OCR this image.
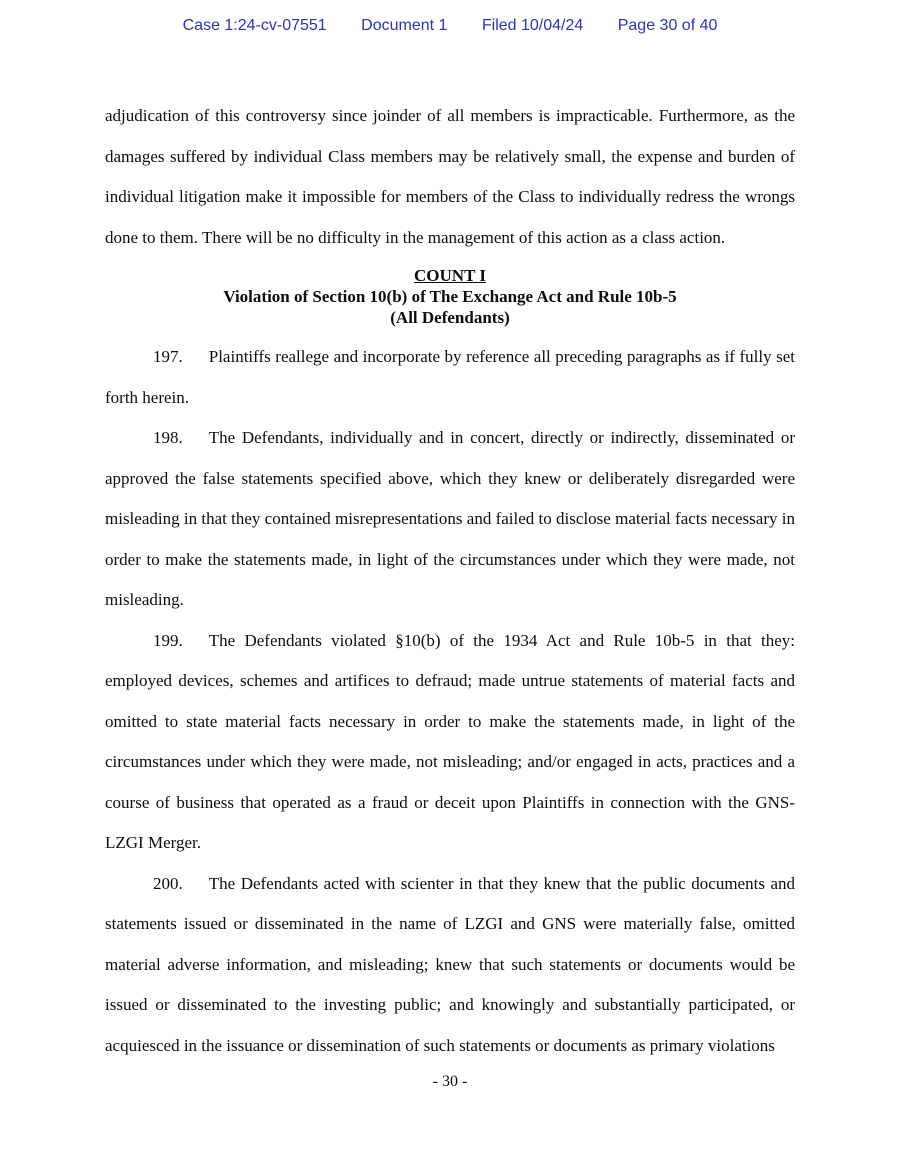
Case 1:24-cv-07551 Document 1 Filed 10/04/24 Page 30 of 40

adjudication of this controversy since joinder of all members is impracticable. Furthermore, as the damages suffered by individual Class members may be relatively small, the expense and burden of individual litigation make it impossible for members of the Class to individually redress the wrongs done to them. There will be no difficulty in the management of this action as a class action.

COUNT I
Violation of Section 10(b) of The Exchange Act and Rule 10b-5
(All Defendants)

197. Plaintiffs reallege and incorporate by reference all preceding paragraphs as if fully set forth herein.

198. The Defendants, individually and in concert, directly or indirectly, disseminated or approved the false statements specified above, which they knew or deliberately disregarded were misleading in that they contained misrepresentations and failed to disclose material facts necessary in order to make the statements made, in light of the circumstances under which they were made, not misleading.

199. The Defendants violated §10(b) of the 1934 Act and Rule 10b-5 in that they: employed devices, schemes and artifices to defraud; made untrue statements of material facts and omitted to state material facts necessary in order to make the statements made, in light of the circumstances under which they were made, not misleading; and/or engaged in acts, practices and a course of business that operated as a fraud or deceit upon Plaintiffs in connection with the GNS-LZGI Merger.

200. The Defendants acted with scienter in that they knew that the public documents and statements issued or disseminated in the name of LZGI and GNS were materially false, omitted material adverse information, and misleading; knew that such statements or documents would be issued or disseminated to the investing public; and knowingly and substantially participated, or acquiesced in the issuance or dissemination of such statements or documents as primary violations

- 30 -
